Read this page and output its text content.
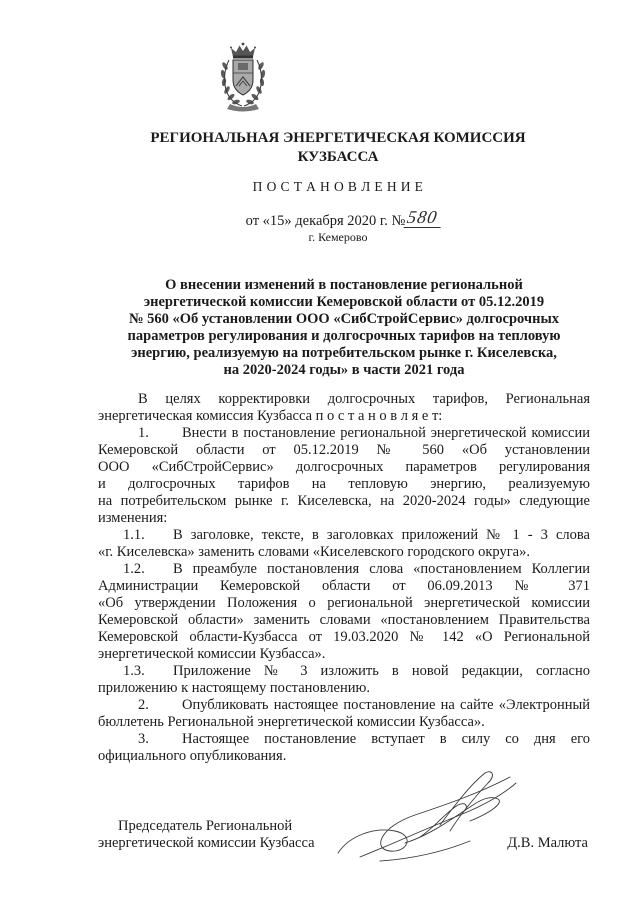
РЕГИОНАЛЬНАЯ ЭНЕРГЕТИЧЕСКАЯ КОМИССИЯ
КУЗБАССА
П О С Т А Н О В Л Е Н И Е
от «15» декабря 2020 г. № 580
г. Кемерово
О внесении изменений в постановление региональной
энергетической комиссии Кемеровской области от 05.12.2019
№ 560 «Об установлении ООО «СибСтройСервис» долгосрочных
параметров регулирования и долгосрочных тарифов на тепловую
энергию, реализуемую на потребительском рынке г. Киселевска,
на 2020-2024 годы» в части 2021 года
В целях корректировки долгосрочных тарифов, Региональная
энергетическая комиссия Кузбасса п о с т а н о в л я е т:
1.	Внести в постановление региональной энергетической комиссии
Кемеровской области от 05.12.2019 № 560 «Об установлении
ООО «СибСтройСервис» долгосрочных параметров регулирования
и долгосрочных тарифов на тепловую энергию, реализуемую
на потребительском рынке г. Киселевска, на 2020-2024 годы» следующие
изменения:
1.1.	В заголовке, тексте, в заголовках приложений № 1 - 3 слова
«г. Киселевска» заменить словами «Киселевского городского округа».
1.2.	В преамбуле постановления слова «постановлением Коллегии
Администрации Кемеровской области от 06.09.2013 № 371
«Об утверждении Положения о региональной энергетической комиссии
Кемеровской области» заменить словами «постановлением Правительства
Кемеровской области-Кузбасса от 19.03.2020 № 142 «О Региональной
энергетической комиссии Кузбасса».
1.3.	Приложение № 3 изложить в новой редакции, согласно
приложению к настоящему постановлению.
2.	Опубликовать настоящее постановление на сайте «Электронный
бюллетень Региональной энергетической комиссии Кузбасса».
3.	Настоящее постановление вступает в силу со дня его
официального опубликования.
Председатель Региональной
энергетической комиссии Кузбасса	Д.В. Малюта
